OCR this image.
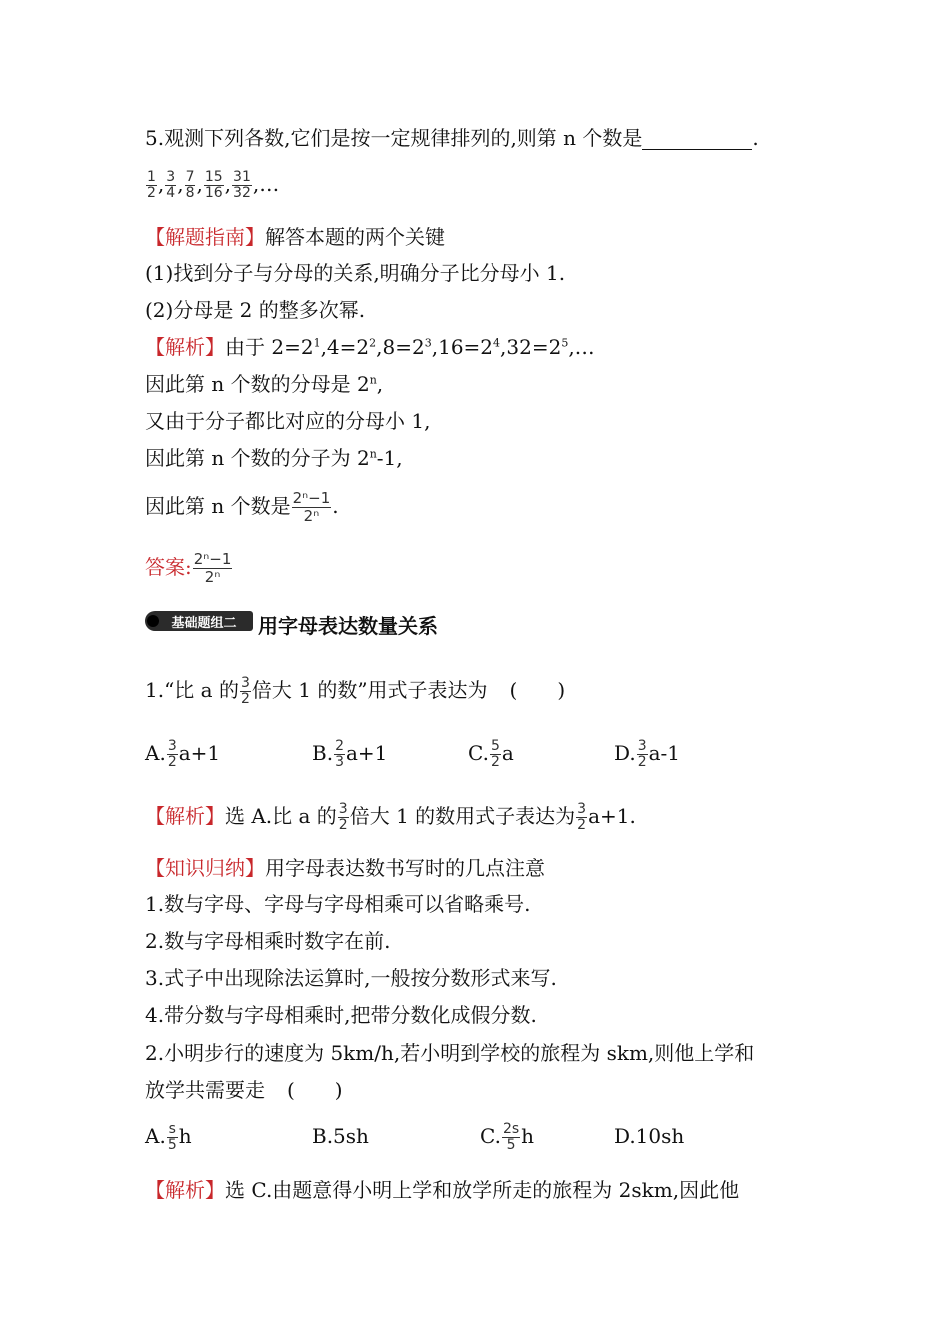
5.观测下列各数,它们是按一定规律排列的,则第 n 个数是	.
$\frac{1}{2}$ , $\frac{3}{4}$ , $\frac{7}{8}$ , $\frac{15}{16}$ , $\frac{31}{32}$ ,…
【解题指南】解答本题的两个关键
(1)找到分子与分母的关系,明确分子比分母小 1.
(2)分母是 2 的整多次幂.
【解析】由于 $2=2^1,4=2^2,8=2^3,16=2^4,32=2^5,\dots$
因此第 n 个数的分母是 2$^n$,
又由于分子都比对应的分母小 1,
因此第 n 个数的分子为 2$^n$-1,
因此第 n 个数是 $\frac{\text{2ⁿ−1}}{\text{2ⁿ}}$ .
答案: $\frac{\text{2ⁿ−1}}{\text{2ⁿ}}$
基础题组二 用字母表达数量关系
1.“比 a 的 $\frac{3}{2}$ 倍大 1 的数”用式子表达为 (　　)
A. $\frac{3}{2} a+1$	B. $\frac{2}{3} a+1$	C. $\frac{5}{2}$ a	D. $\frac{3}{2} a-1$
【解析】选 A.比 a 的 $\frac{3}{2}$ 倍大 1 的数用式子表达为 $\frac{3}{2} a+1$.
【知识归纳】用字母表达数书写时的几点注意
1.数与字母、字母与字母相乘可以省略乘号.
2.数与字母相乘时数字在前.
3.式子中出现除法运算时,一般按分数形式来写.
4.带分数与字母相乘时,把带分数化成假分数.
2.小明步行的速度为 5km/h,若小明到学校的旅程为 skm,则他上学和
放学共需要走 (　　)
A. $\frac{s}{5}$ h	B.5sh	C. $\frac{2s}{5}$ h	D.10sh
【解析】选 C.由题意得小明上学和放学所走的旅程为 2skm,因此他
